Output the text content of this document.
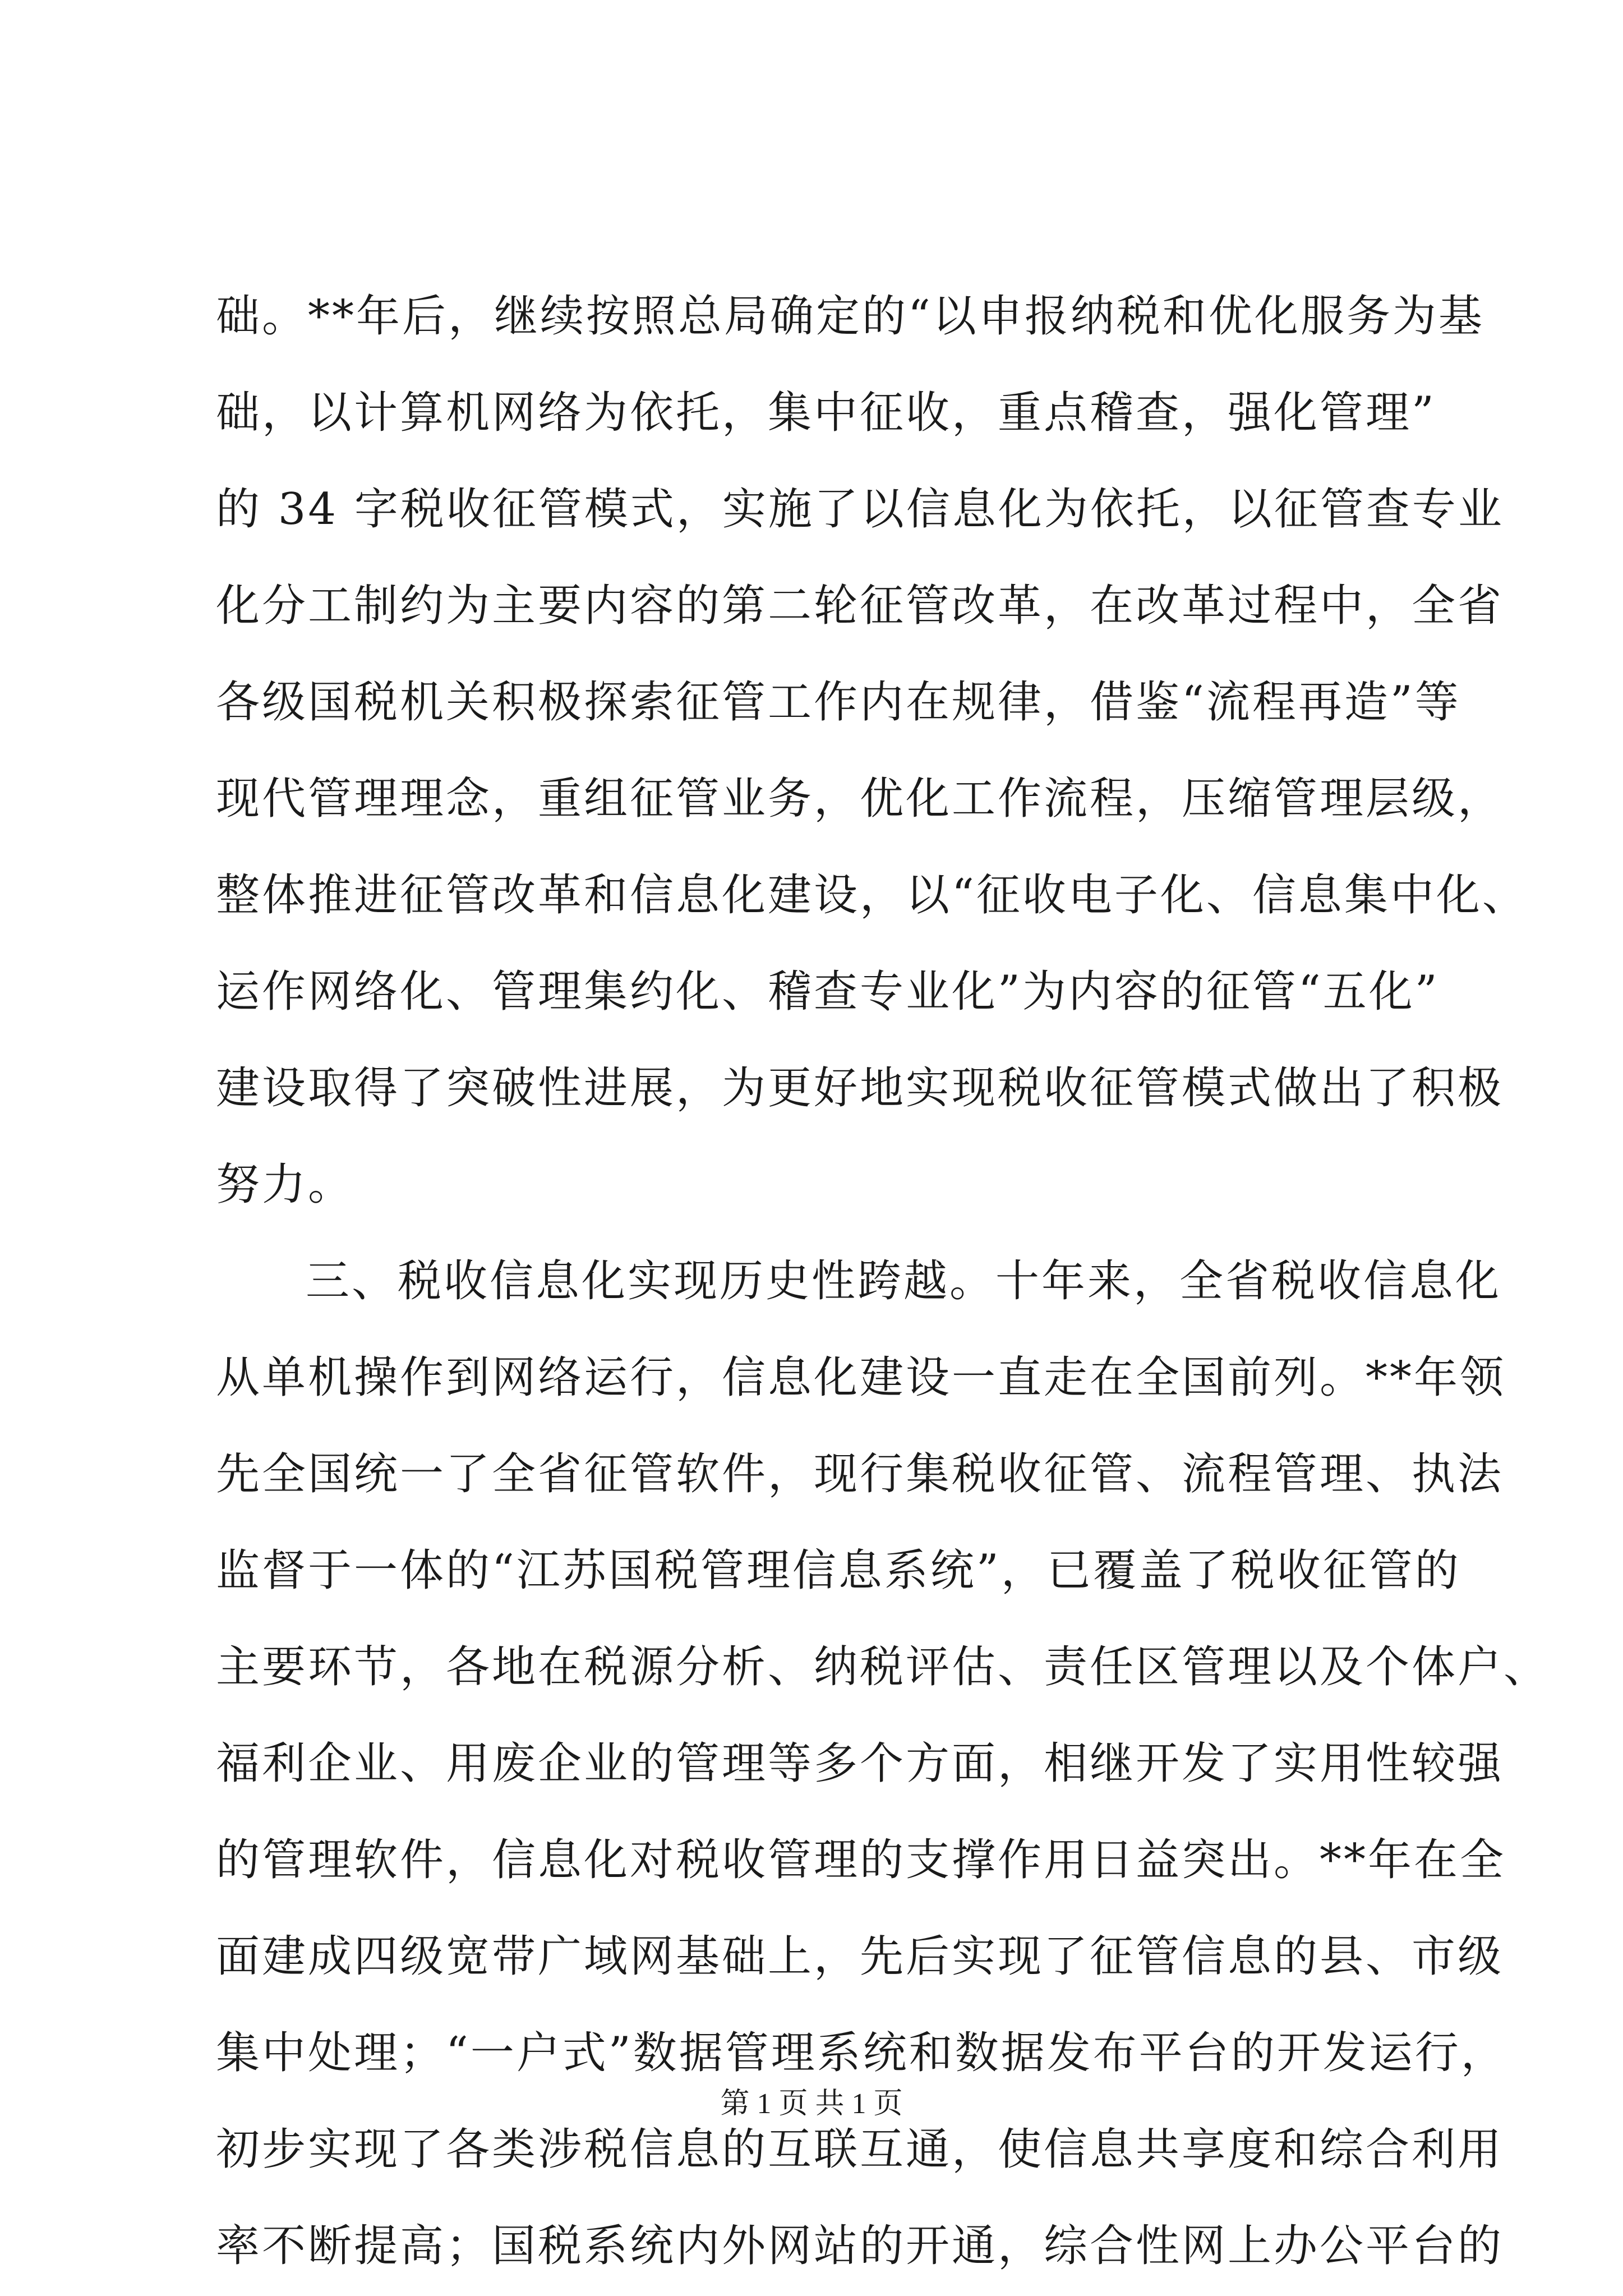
础。**年后，继续按照总局确定的“以申报纳税和优化服务为基
础，以计算机网络为依托，集中征收，重点稽查，强化管理”
的 34 字税收征管模式，实施了以信息化为依托，以征管查专业
化分工制约为主要内容的第二轮征管改革，在改革过程中，全省
各级国税机关积极探索征管工作内在规律，借鉴“流程再造”等
现代管理理念，重组征管业务，优化工作流程，压缩管理层级，
整体推进征管改革和信息化建设，以“征收电子化、信息集中化、
运作网络化、管理集约化、稽查专业化”为内容的征管“五化”
建设取得了突破性进展，为更好地实现税收征管模式做出了积极
努力。
三、税收信息化实现历史性跨越。十年来，全省税收信息化
从单机操作到网络运行，信息化建设一直走在全国前列。**年领
先全国统一了全省征管软件，现行集税收征管、流程管理、执法
监督于一体的“江苏国税管理信息系统”，已覆盖了税收征管的
主要环节，各地在税源分析、纳税评估、责任区管理以及个体户、
福利企业、用废企业的管理等多个方面，相继开发了实用性较强
的管理软件，信息化对税收管理的支撑作用日益突出。**年在全
面建成四级宽带广域网基础上，先后实现了征管信息的县、市级
集中处理；“一户式”数据管理系统和数据发布平台的开发运行，
初步实现了各类涉税信息的互联互通，使信息共享度和综合利用
率不断提高；国税系统内外网站的开通，综合性网上办公平台的
第 1 页 共 1 页
